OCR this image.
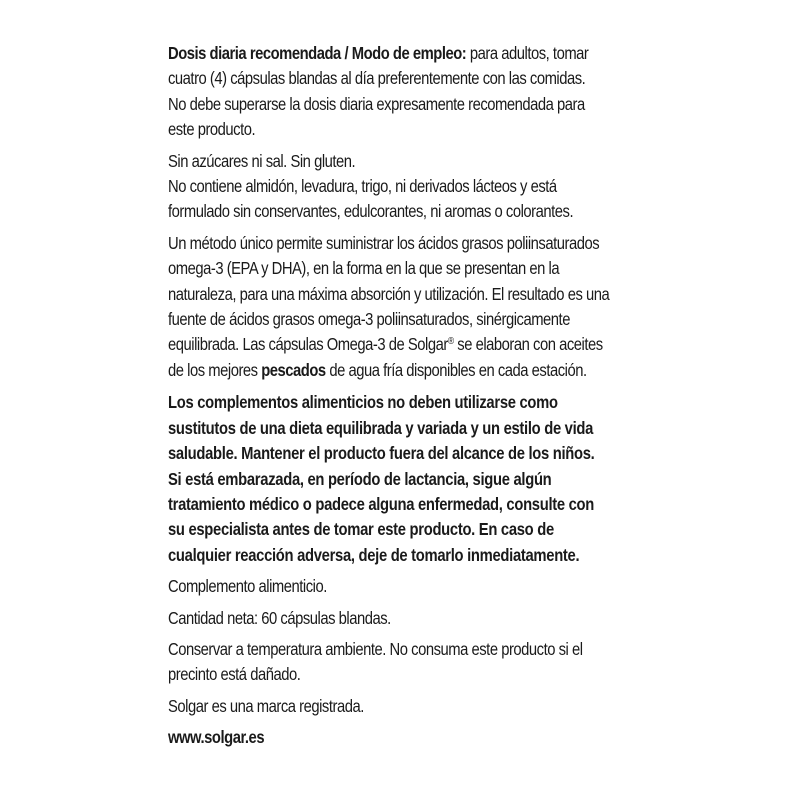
Dosis diaria recomendada / Modo de empleo: para adultos, tomar

cuatro (4) cápsulas blandas al día preferentemente con las comidas.

No debe superarse la dosis diaria expresamente recomendada para

este producto.

Sin azúcares ni sal. Sin gluten.

No contiene almidón, levadura, trigo, ni derivados lácteos y está

formulado sin conservantes, edulcorantes, ni aromas o colorantes.

Un método único permite suministrar los ácidos grasos poliinsaturados

omega-3 (EPA y DHA), en la forma en la que se presentan en la

naturaleza, para una máxima absorción y utilización. El resultado es una

fuente de ácidos grasos omega-3 poliinsaturados, sinérgicamente

equilibrada. Las cápsulas Omega-3 de Solgar® se elaboran con aceites

de los mejores pescados de agua fría disponibles en cada estación.

Los complementos alimenticios no deben utilizarse como

sustitutos de una dieta equilibrada y variada y un estilo de vida

saludable. Mantener el producto fuera del alcance de los niños.

Si está embarazada, en período de lactancia, sigue algún

tratamiento médico o padece alguna enfermedad, consulte con

su especialista antes de tomar este producto. En caso de

cualquier reacción adversa, deje de tomarlo inmediatamente.

Complemento alimenticio.

Cantidad neta: 60 cápsulas blandas.

Conservar a temperatura ambiente. No consuma este producto si el

precinto está dañado.

Solgar es una marca registrada.

www.solgar.es
